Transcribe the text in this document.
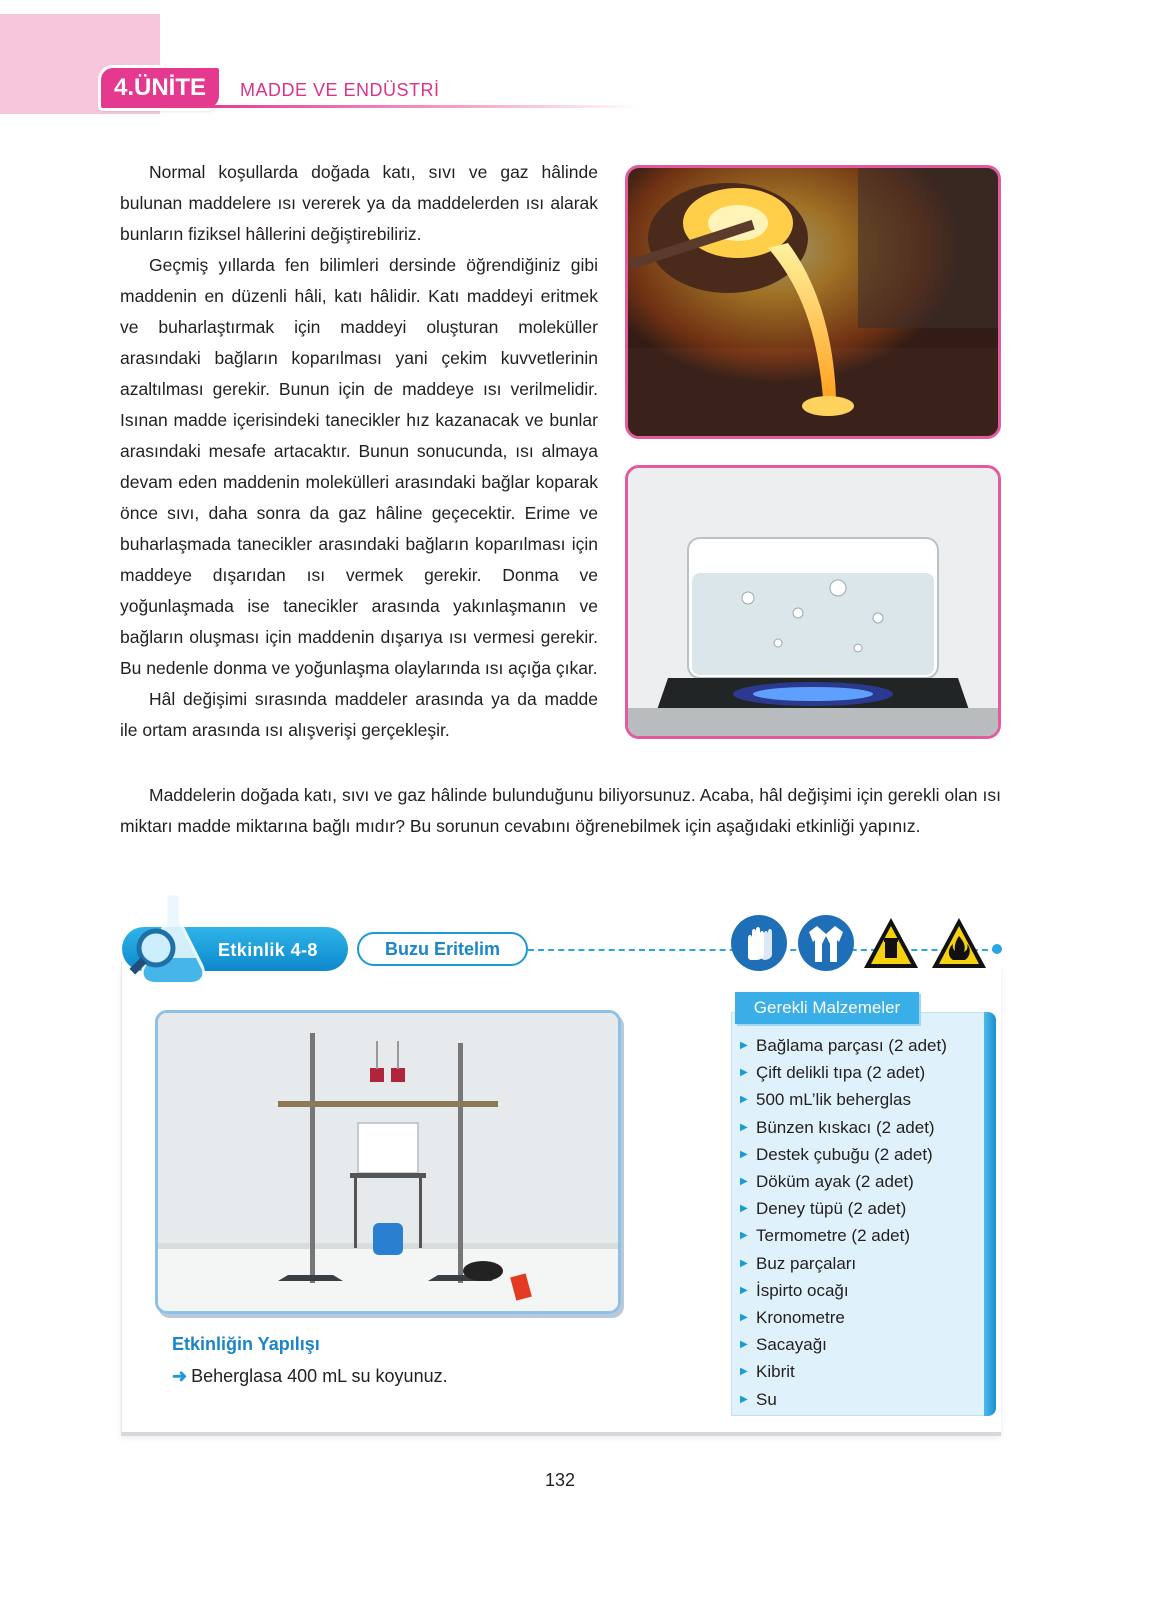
4.ÜNİTE	MADDE VE ENDÜSTRİ

Normal koşullarda doğada katı, sıvı ve gaz hâlinde bulunan maddelere ısı vererek ya da maddelerden ısı alarak bunların fiziksel hâllerini değiştirebiliriz.

Geçmiş yıllarda fen bilimleri dersinde öğrendiğiniz gibi maddenin en düzenli hâli, katı hâlidir. Katı maddeyi eritmek ve buharlaştırmak için maddeyi oluşturan moleküller arasındaki bağların koparılması yani çekim kuvvetlerinin azaltılması gerekir. Bunun için de maddeye ısı verilmelidir. Isınan madde içerisindeki tanecikler hız kazanacak ve bunlar arasındaki mesafe artacaktır. Bunun sonucunda, ısı almaya devam eden maddenin molekülleri arasındaki bağlar koparak önce sıvı, daha sonra da gaz hâline geçecektir. Erime ve buharlaşmada tanecikler arasındaki bağların koparılması için maddeye dışarıdan ısı vermek gerekir. Donma ve yoğunlaşmada ise tanecikler arasında yakınlaşmanın ve bağların oluşması için maddenin dışarıya ısı vermesi gerekir. Bu nedenle donma ve yoğunlaşma olaylarında ısı açığa çıkar.

Hâl değişimi sırasında maddeler arasında ya da madde ile ortam arasında ısı alışverişi gerçekleşir.

Maddelerin doğada katı, sıvı ve gaz hâlinde bulunduğunu biliyorsunuz. Acaba, hâl değişimi için gerekli olan ısı miktarı madde miktarına bağlı mıdır? Bu sorunun cevabını öğrenebilmek için aşağıdaki etkinliği yapınız.

Etkinlik 4-8	Buzu Eritelim
Etkinliğin Yapılışı
➜ Beherglasa 400 mL su koyunuz.
Gerekli Malzemeler
▶ Bağlama parçası (2 adet)
▶ Çift delikli tıpa (2 adet)
▶ 500 mL’lik beherglas
▶ Bünzen kıskacı (2 adet)
▶ Destek çubuğu (2 adet)
▶ Döküm ayak (2 adet)
▶ Deney tüpü (2 adet)
▶ Termometre (2 adet)
▶ Buz parçaları
▶ İspirto ocağı
▶ Kronometre
▶ Sacayağı
▶ Kibrit
▶ Su
132
